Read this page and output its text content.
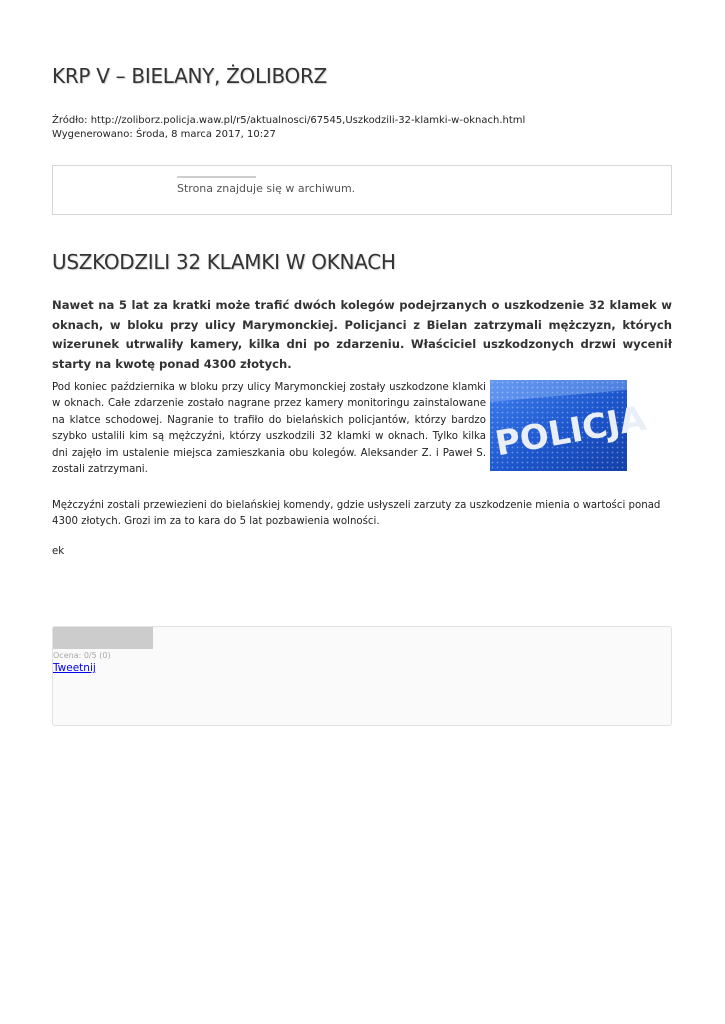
KRP V – BIELANY, ŻOLIBORZ
Źródło: http://zoliborz.policja.waw.pl/r5/aktualnosci/67545,Uszkodzili-32-klamki-w-oknach.html
Wygenerowano: Środa, 8 marca 2017, 10:27
Strona znajduje się w archiwum.
USZKODZILI 32 KLAMKI W OKNACH

Nawet na 5 lat za kratki może trafić dwóch kolegów podejrzanych o uszkodzenie 32 klamek w oknach, w bloku przy ulicy Marymonckiej. Policjanci z Bielan zatrzymali mężczyzn, których wizerunek utrwaliły kamery, kilka dni po zdarzeniu. Właściciel uszkodzonych drzwi wycenił starty na kwotę ponad 4300 złotych.

POLICJA

Pod koniec października w bloku przy ulicy Marymonckiej zostały uszkodzone klamki w oknach. Całe zdarzenie zostało nagrane przez kamery monitoringu zainstalowane na klatce schodowej. Nagranie to trafiło do bielańskich policjantów, którzy bardzo szybko ustalili kim są mężczyźni, którzy uszkodzili 32 klamki w oknach. Tylko kilka dni zajęło im ustalenie miejsca zamieszkania obu kolegów. Aleksander Z. i Paweł S. zostali zatrzymani.

Mężczyźni zostali przewiezieni do bielańskiej komendy, gdzie usłyszeli zarzuty za uszkodzenie mienia o wartości ponad 4300 złotych. Grozi im za to kara do 5 lat pozbawienia wolności.

ek

Ocena: 0/5 (0)
Tweetnij
